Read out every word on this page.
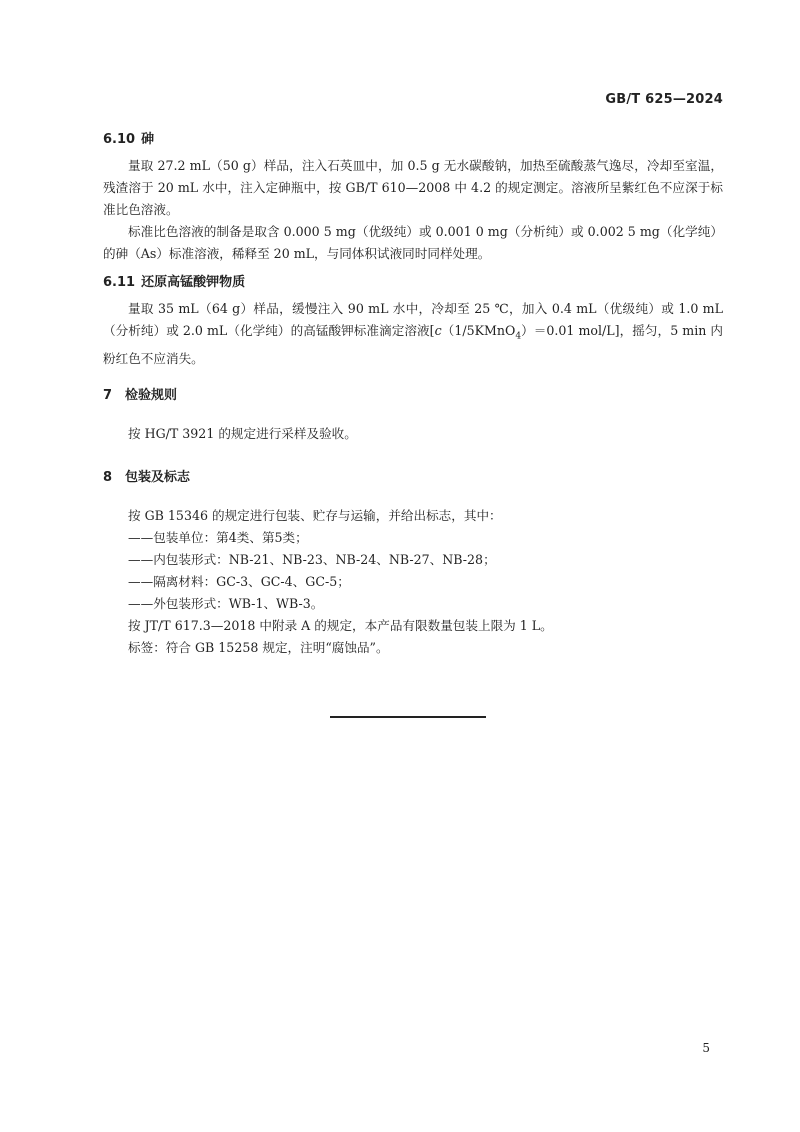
GB/T 625—2024
6.10 砷
量取 27.2 mL（50 g）样品，注入石英皿中，加 0.5 g 无水碳酸钠，加热至硫酸蒸气逸尽，冷却至室温，残渣溶于 20 mL 水中，注入定砷瓶中，按 GB/T 610—2008 中 4.2 的规定测定。溶液所呈紫红色不应深于标准比色溶液。
标准比色溶液的制备是取含 0.000 5 mg（优级纯）或 0.001 0 mg（分析纯）或 0.002 5 mg（化学纯）的砷（As）标准溶液，稀释至 20 mL，与同体积试液同时同样处理。
6.11 还原高锰酸钾物质
量取 35 mL（64 g）样品，缓慢注入 90 mL 水中，冷却至 25 ℃，加入 0.4 mL（优级纯）或 1.0 mL（分析纯）或 2.0 mL（化学纯）的高锰酸钾标准滴定溶液[c（1/5KMnO$_4$）＝0.01 mol/L]，摇匀，5 min 内粉红色不应消失。
7 检验规则
按 HG/T 3921 的规定进行采样及验收。
8 包装及标志
按 GB 15346 的规定进行包装、贮存与运输，并给出标志，其中：
——包装单位：第4类、第5类；
——内包装形式：NB-21、NB-23、NB-24、NB-27、NB-28；
——隔离材料：GC-3、GC-4、GC-5；
——外包装形式：WB-1、WB-3。
按 JT/T 617.3—2018 中附录 A 的规定，本产品有限数量包装上限为 1 L。
标签：符合 GB 15258 规定，注明“腐蚀品”。
5
